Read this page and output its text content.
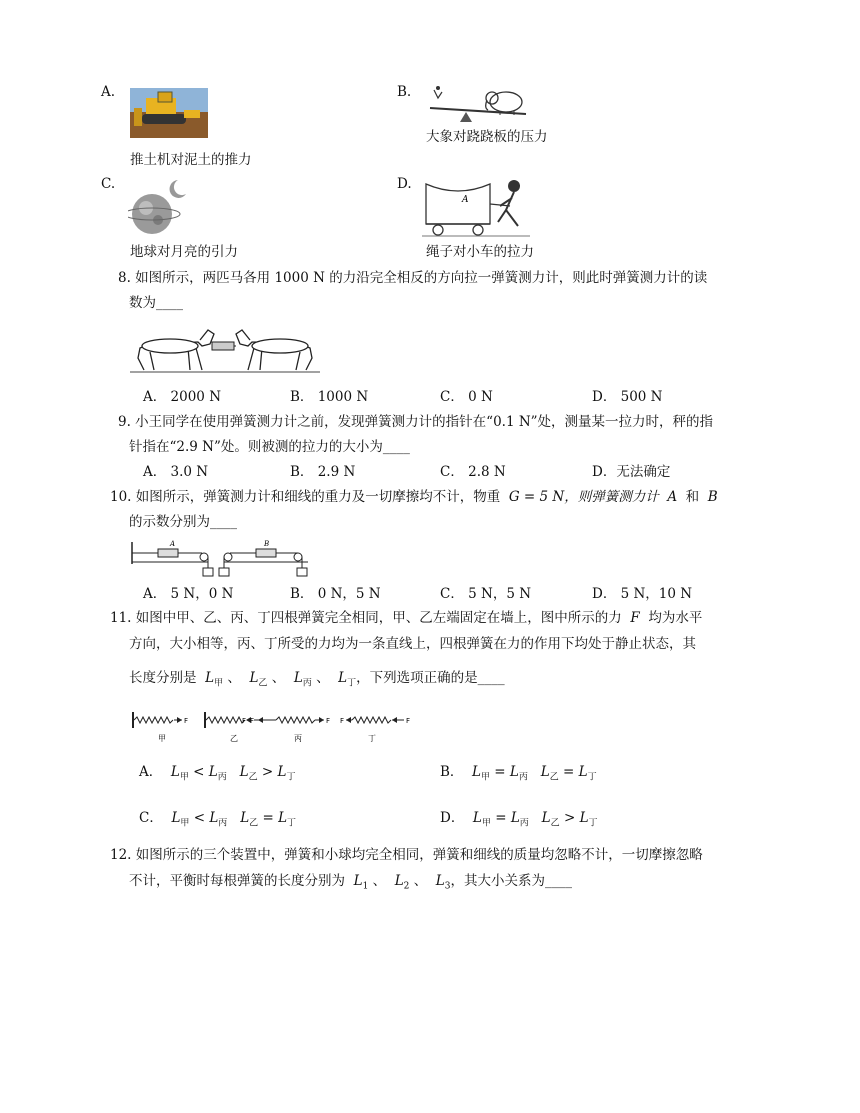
A.
推土机对泥土的推力
B.
大象对跷跷板的压力
C.
地球对月亮的引力
D.
A
绳子对小车的拉力
8. 如图所示，两匹马各用 1000 N 的力沿完全相反的方向拉一弹簧测力计，则此时弹簧测力计的读
数为____
A． 2000 N	B． 1000 N	C． 0 N	D． 500 N
9. 小王同学在使用弹簧测力计之前，发现弹簧测力计的指针在“0.1 N”处，测量某一拉力时，秤的指
针指在“2.9 N”处。则被测的拉力的大小为____
A． 3.0 N	B． 2.9 N	C． 2.8 N	D．无法确定
10. 如图所示，弹簧测力计和细线的重力及一切摩擦均不计，物重 G = 5 N，则弹簧测力计 A 和 B
的示数分别为____
A	B
A． 5 N，0 N	B． 0 N，5 N	C． 5 N，5 N	D． 5 N，10 N
11. 如图中甲、乙、丙、丁四根弹簧完全相同，甲、乙左端固定在墙上，图中所示的力 F 均为水平
方向，大小相等，丙、丁所受的力均为一条直线上，四根弹簧在力的作用下均处于静止状态，其
长度分别是 $L_甲$ 、  $L_乙$ 、  $L_丙$ 、  $L_丁$，下列选项正确的是____
F	F F	F F	F
甲	乙	丙	丁
A． $L_甲 < L_丙$ $L_乙 > L_丁$	B． $L_甲 = L_丙$ $L_乙 = L_丁$
C． $L_甲 < L_丙$ $L_乙 = L_丁$	D． $L_甲 = L_丙$ $L_乙 > L_丁$
12. 如图所示的三个装置中，弹簧和小球均完全相同，弹簧和细线的质量均忽略不计，一切摩擦忽略
不计，平衡时每根弹簧的长度分别为 $L_1$ 、 $L_2$ 、 $L_3$，其大小关系为____
